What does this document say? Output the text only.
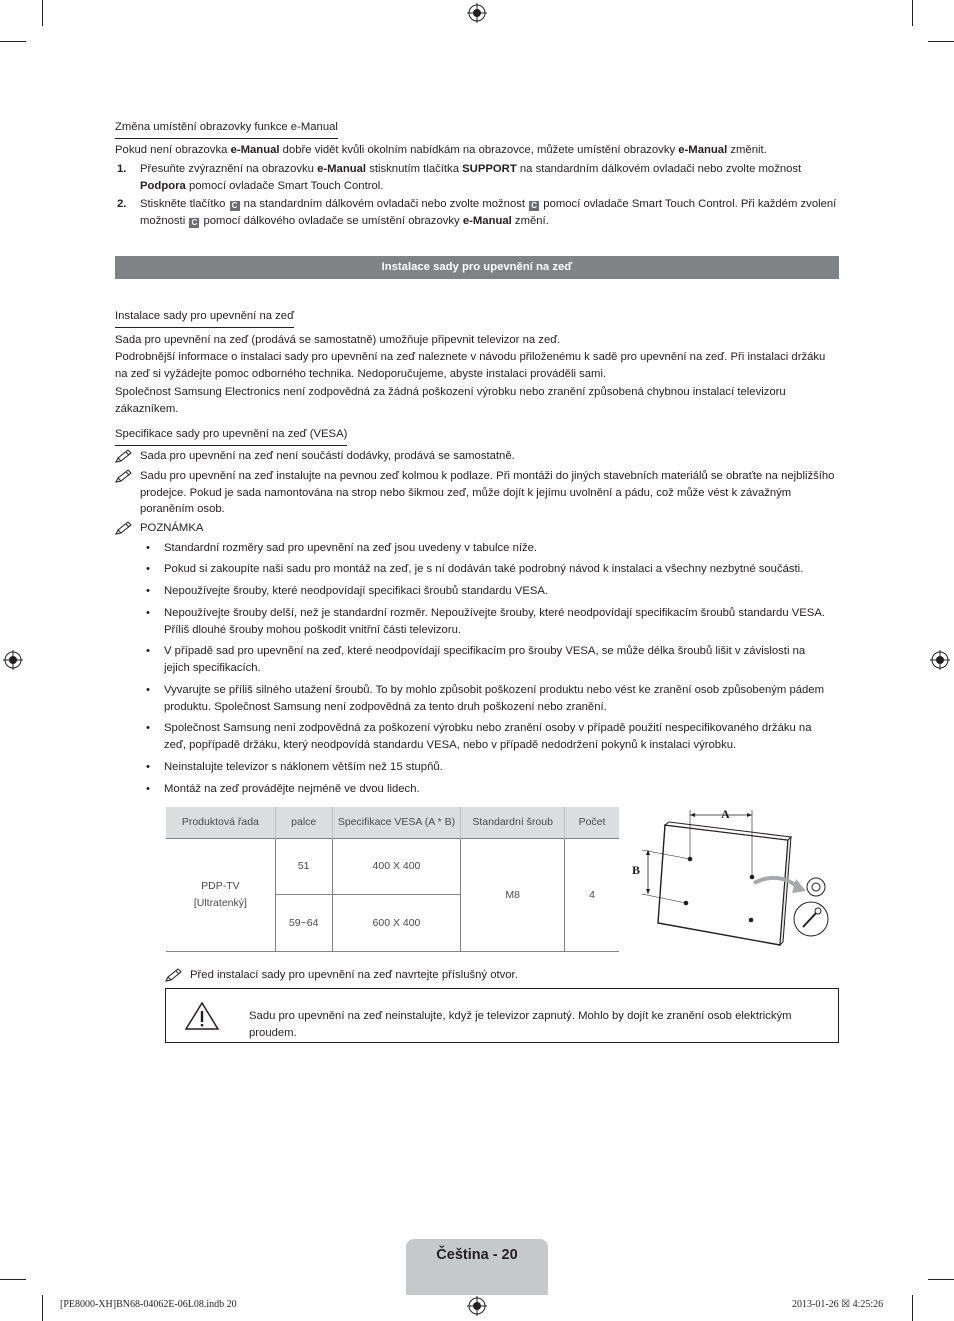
Změna umístění obrazovky funkce e-Manual

Pokud není obrazovka e-Manual dobře vidět kvůli okolním nabídkám na obrazovce, můžete umístění obrazovky e-Manual změnit.

1. Přesuňte zvýraznění na obrazovku e-Manual stisknutím tlačítka SUPPORT na standardním dálkovém ovladači nebo zvolte možnost Podpora pomocí ovladače Smart Touch Control.
2. Stiskněte tlačítko C na standardním dálkovém ovladači nebo zvolte možnost C pomocí ovladače Smart Touch Control. Při každém zvolení možnosti C pomocí dálkového ovladače se umístění obrazovky e-Manual změní.
Instalace sady pro upevnění na zeď
Instalace sady pro upevnění na zeď

Sada pro upevnění na zeď (prodává se samostatně) umožňuje připevnit televizor na zeď.

Podrobnější informace o instalaci sady pro upevnění na zeď naleznete v návodu přiloženému k sadě pro upevnění na zeď. Při instalaci držáku na zeď si vyžádejte pomoc odborného technika. Nedoporučujeme, abyste instalaci prováděli sami.

Společnost Samsung Electronics není zodpovědná za žádná poškození výrobku nebo zranění způsobená chybnou instalací televizoru zákazníkem.

Specifikace sady pro upevnění na zeď (VESA)
Sada pro upevnění na zeď není součástí dodávky, prodává se samostatně.
Sadu pro upevnění na zeď instalujte na pevnou zeď kolmou k podlaze. Při montáži do jiných stavebních materiálů se obraťte na nejbližšího prodejce. Pokud je sada namontována na strop nebo šikmou zeď, může dojít k jejímu uvolnění a pádu, což může vést k závažným poraněním osob.
POZNÁMKA
• Standardní rozměry sad pro upevnění na zeď jsou uvedeny v tabulce níže.
• Pokud si zakoupíte naši sadu pro montáž na zeď, je s ní dodáván také podrobný návod k instalaci a všechny nezbytné součásti.
• Nepoužívejte šrouby, které neodpovídají specifikaci šroubů standardu VESA.
• Nepoužívejte šrouby delší, než je standardní rozměr. Nepoužívejte šrouby, které neodpovídají specifikacím šroubů standardu VESA. Příliš dlouhé šrouby mohou poškodit vnitřní části televizoru.
• V případě sad pro upevnění na zeď, které neodpovídají specifikacím pro šrouby VESA, se může délka šroubů lišit v závislosti na jejich specifikacích.
• Vyvarujte se příliš silného utažení šroubů. To by mohlo způsobit poškození produktu nebo vést ke zranění osob způsobeným pádem produktu. Společnost Samsung není zodpovědná za tento druh poškození nebo zranění.
• Společnost Samsung není zodpovědná za poškození výrobku nebo zranění osoby v případě použití nespecifikovaného držáku na zeď, popřípadě držáku, který neodpovídá standardu VESA, nebo v případě nedodržení pokynů k instalaci výrobku.
• Neinstalujte televizor s náklonem větším než 15 stupňů.
• Montáž na zeď provádějte nejméně ve dvou lidech.
Produktová řada	palce	Specifikace VESA (A * B)	Standardní šroub	Počet

PDP-TV
[Ultratenký]	51	400 X 400	M8	4
	59~64	600 X 400		
A
B
Před instalací sady pro upevnění na zeď navrtejte příslušný otvor.
Sadu pro upevnění na zeď neinstalujte, když je televizor zapnutý. Mohlo by dojít ke zranění osob elektrickým proudem.
Čeština - 20
[PE8000-XH]BN68-04062E-06L08.indb 20	2013-01-26 ☒ 4:25:26
